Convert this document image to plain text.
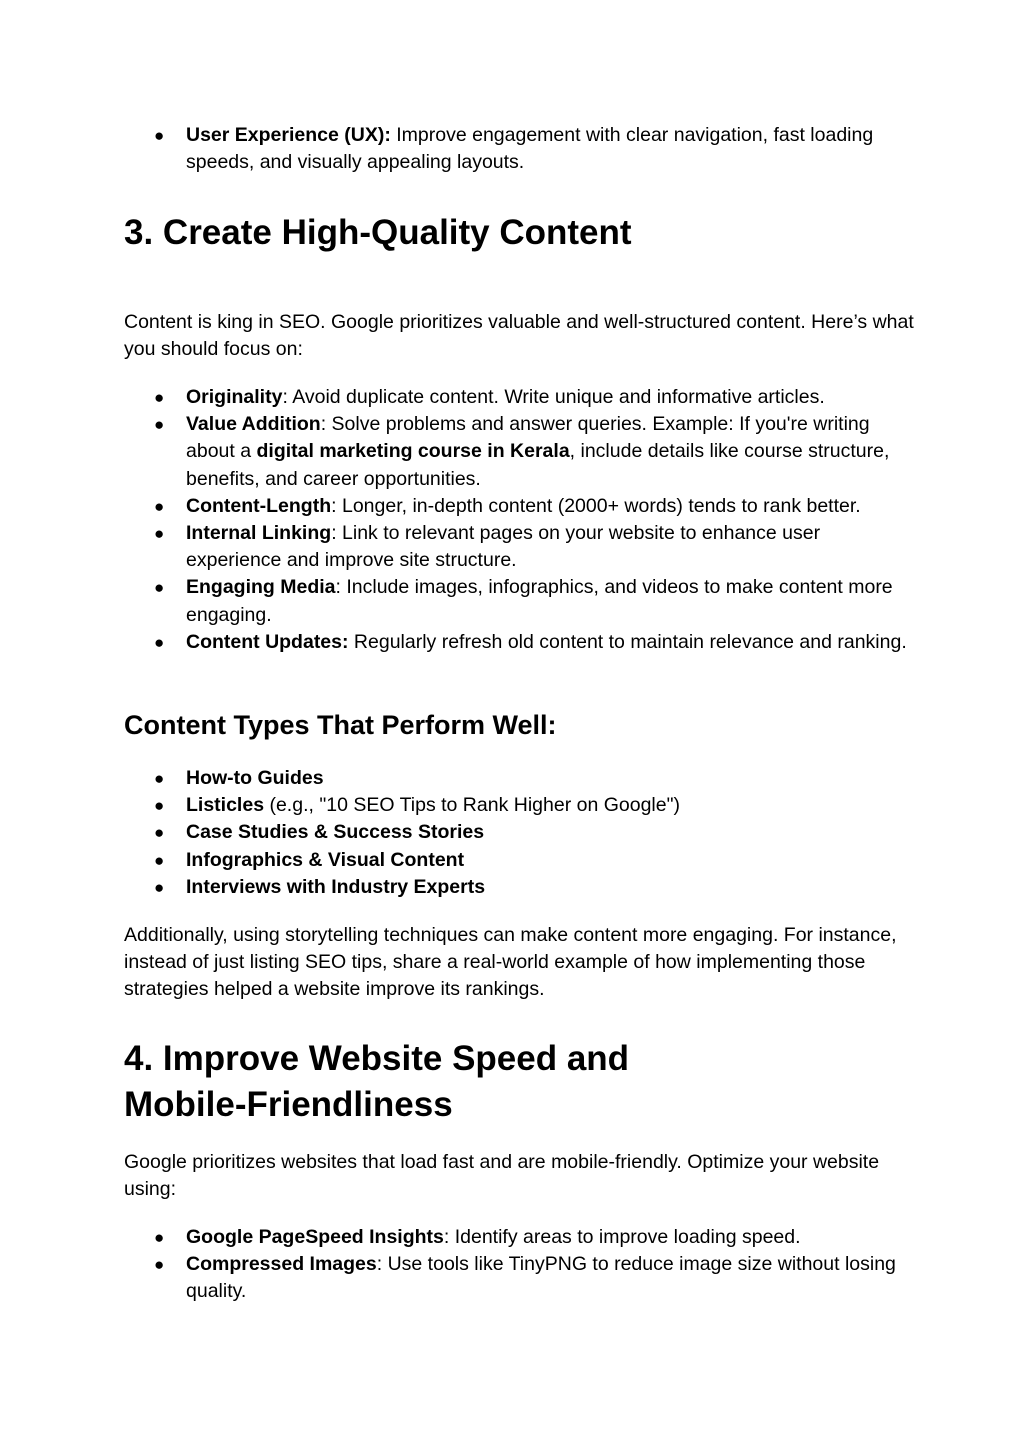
●	User Experience (UX): Improve engagement with clear navigation, fast loading speeds, and visually appealing layouts.
3. Create High-Quality Content

Content is king in SEO. Google prioritizes valuable and well-structured content. Here’s what you should focus on:

●	Originality: Avoid duplicate content. Write unique and informative articles.
●	Value Addition: Solve problems and answer queries. Example: If you're writing about a digital marketing course in Kerala, include details like course structure, benefits, and career opportunities.
●	Content-Length: Longer, in-depth content (2000+ words) tends to rank better.
●	Internal Linking: Link to relevant pages on your website to enhance user experience and improve site structure.
●	Engaging Media: Include images, infographics, and videos to make content more engaging.
●	Content Updates: Regularly refresh old content to maintain relevance and ranking.
Content Types That Perform Well:
●	How-to Guides
●	Listicles (e.g., "10 SEO Tips to Rank Higher on Google")
●	Case Studies & Success Stories
●	Infographics & Visual Content
●	Interviews with Industry Experts

Additionally, using storytelling techniques can make content more engaging. For instance, instead of just listing SEO tips, share a real-world example of how implementing those strategies helped a website improve its rankings.

4. Improve Website Speed and
Mobile-Friendliness

Google prioritizes websites that load fast and are mobile-friendly. Optimize your website using:

●	Google PageSpeed Insights: Identify areas to improve loading speed.
●	Compressed Images: Use tools like TinyPNG to reduce image size without losing quality.
